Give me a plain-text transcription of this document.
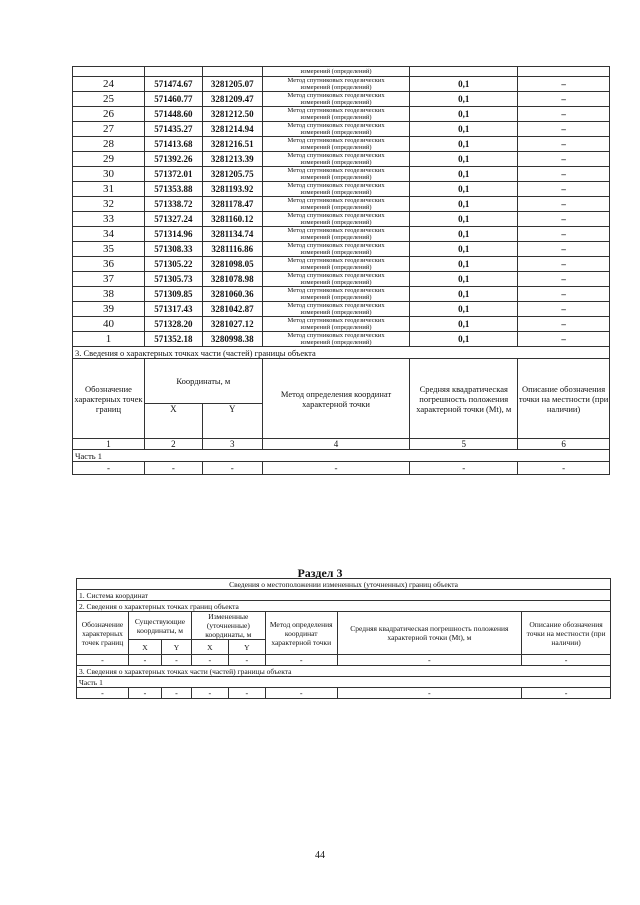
			измерений (определений)		
24	571474.67	3281205.07	Метод спутниковых геодезических	0,1	–
			измерений (определений)		
25	571460.77	3281209.47	Метод спутниковых геодезических	0,1	–
			измерений (определений)		
26	571448.60	3281212.50	Метод спутниковых геодезических	0,1	–
			измерений (определений)		
27	571435.27	3281214.94	Метод спутниковых геодезических	0,1	–
			измерений (определений)		
28	571413.68	3281216.51	Метод спутниковых геодезических	0,1	–
			измерений (определений)		
29	571392.26	3281213.39	Метод спутниковых геодезических	0,1	–
			измерений (определений)		
30	571372.01	3281205.75	Метод спутниковых геодезических	0,1	–
			измерений (определений)		
31	571353.88	3281193.92	Метод спутниковых геодезических	0,1	–
			измерений (определений)		
32	571338.72	3281178.47	Метод спутниковых геодезических	0,1	–
			измерений (определений)		
33	571327.24	3281160.12	Метод спутниковых геодезических	0,1	–
			измерений (определений)		
34	571314.96	3281134.74	Метод спутниковых геодезических	0,1	–
			измерений (определений)		
35	571308.33	3281116.86	Метод спутниковых геодезических	0,1	–
			измерений (определений)		
36	571305.22	3281098.05	Метод спутниковых геодезических	0,1	–
			измерений (определений)		
37	571305.73	3281078.98	Метод спутниковых геодезических	0,1	–
			измерений (определений)		
38	571309.85	3281060.36	Метод спутниковых геодезических	0,1	–
			измерений (определений)		
39	571317.43	3281042.87	Метод спутниковых геодезических	0,1	–
			измерений (определений)		
40	571328.20	3281027.12	Метод спутниковых геодезических	0,1	–
			измерений (определений)		
1	571352.18	3280998.38	Метод спутниковых геодезических	0,1	–
			измерений (определений)		
3. Сведения о характерных точках части (частей) границы объекта					
Обозначение характерных точек границ	Координаты, м		Метод определения координат характерной точки	Средняя квадратическая погрешность положения характерной точки (Mt), м	Описание обозначения точки на местности (при наличии)
	X	Y			
1	2	3	4	5	6
Часть 1					
-	-	-	-	-	-
Раздел 3
Сведения о местоположении измененных (уточненных) границ объекта							
1. Система координат							
2. Сведения о характерных точках границ объекта							
Обозначение характерных точек границ	Существующие координаты, м		Измененные (уточненные) координаты, м		Метод определения координат характерной точки	Средняя квадратическая погрешность положения характерной точки (Mt), м	Описание обозначения точки на местности (при наличии)
	X	Y	X	Y			
-	-	-	-	-	-	-	-
3. Сведения о характерных точках части (частей) границы объекта							
Часть 1							
-	-	-	-	-	-	-	-
44
